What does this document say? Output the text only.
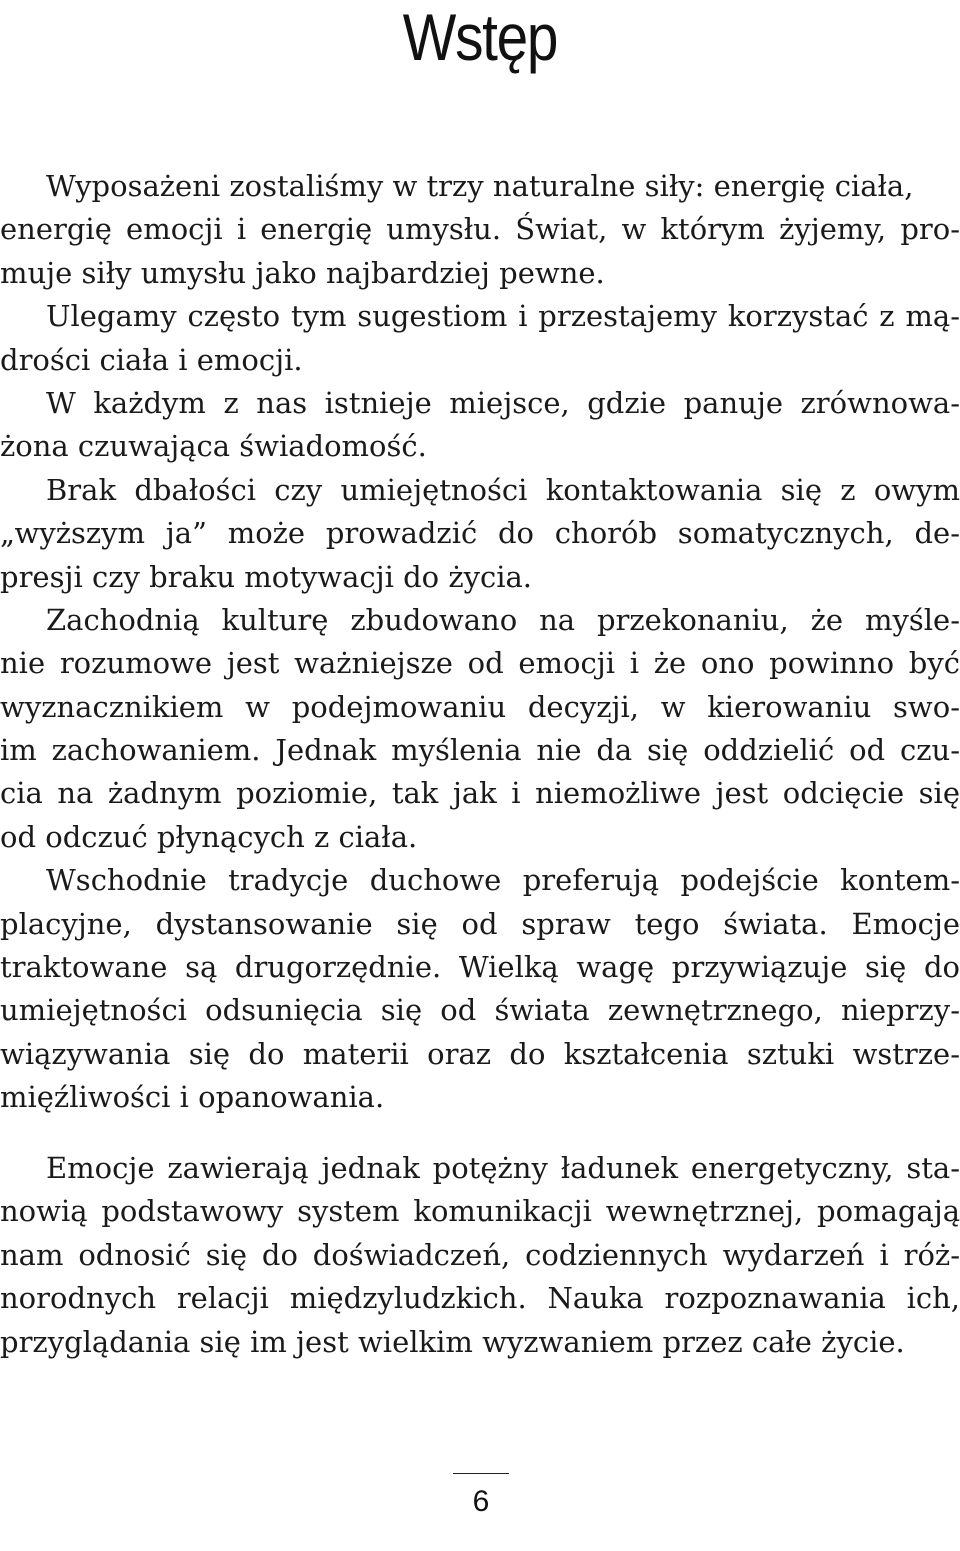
Wstęp
Wyposażeni zostaliśmy w trzy naturalne siły: energię ciała,
energię emocji i energię umysłu. Świat, w którym żyjemy, pro-
muje siły umysłu jako najbardziej pewne.
Ulegamy często tym sugestiom i przestajemy korzystać z mą-
drości ciała i emocji.
W każdym z nas istnieje miejsce, gdzie panuje zrównowa-
żona czuwająca świadomość.
Brak dbałości czy umiejętności kontaktowania się z owym
„wyższym ja” może prowadzić do chorób somatycznych, de-
presji czy braku motywacji do życia.
Zachodnią kulturę zbudowano na przekonaniu, że myśle-
nie rozumowe jest ważniejsze od emocji i że ono powinno być
wyznacznikiem w podejmowaniu decyzji, w kierowaniu swo-
im zachowaniem. Jednak myślenia nie da się oddzielić od czu-
cia na żadnym poziomie, tak jak i niemożliwe jest odcięcie się
od odczuć płynących z ciała.
Wschodnie tradycje duchowe preferują podejście kontem-
placyjne, dystansowanie się od spraw tego świata. Emocje
traktowane są drugorzędnie. Wielką wagę przywiązuje się do
umiejętności odsunięcia się od świata zewnętrznego, nieprzy-
wiązywania się do materii oraz do kształcenia sztuki wstrze-
mięźliwości i opanowania.
Emocje zawierają jednak potężny ładunek energetyczny, sta-
nowią podstawowy system komunikacji wewnętrznej, pomagają
nam odnosić się do doświadczeń, codziennych wydarzeń i róż-
norodnych relacji międzyludzkich. Nauka rozpoznawania ich,
przyglądania się im jest wielkim wyzwaniem przez całe życie.
6
